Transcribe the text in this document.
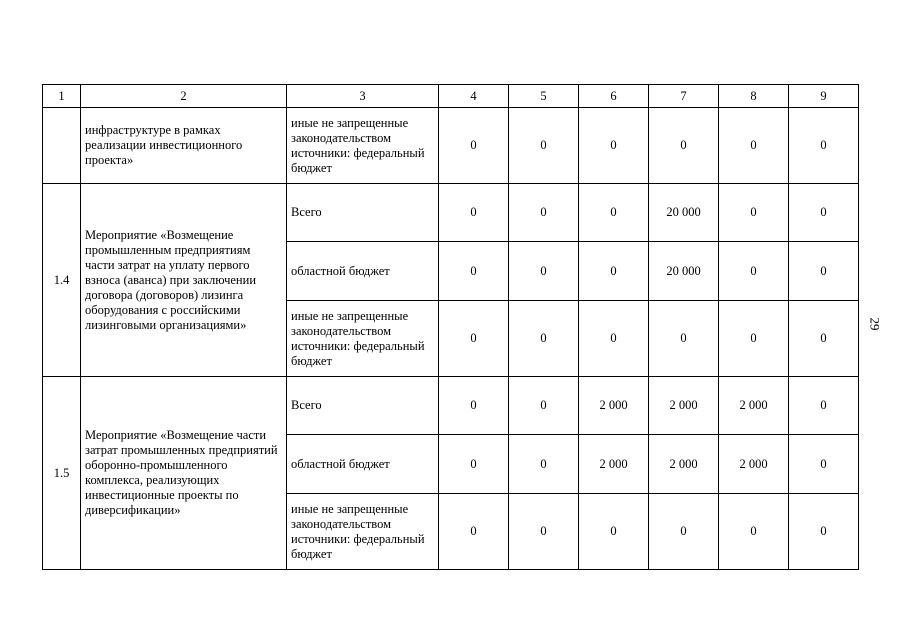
1	2	3	4	5	6	7	8	9
	инфраструктуре в рамках реализации инвестиционного проекта»	иные не запрещенные законодательством источники: федеральный бюджет	0	0	0	0	0	0
1.4	Мероприятие «Возмещение промышленным предприятиям части затрат на уплату первого взноса (аванса) при заключении договора (договоров) лизинга оборудования с российскими лизинговыми организациями»	Всего	0	0	0	20 000	0	0
		областной бюджет	0	0	0	20 000	0	0
		иные не запрещенные законодательством источники: федеральный бюджет	0	0	0	0	0	0
1.5	Мероприятие «Возмещение части затрат промышленных предприятий оборонно-промышленного комплекса, реализующих инвестиционные проекты по диверсификации»	Всего	0	0	2 000	2 000	2 000	0
		областной бюджет	0	0	2 000	2 000	2 000	0
		иные не запрещенные законодательством источники: федеральный бюджет	0	0	0	0	0	0
29
